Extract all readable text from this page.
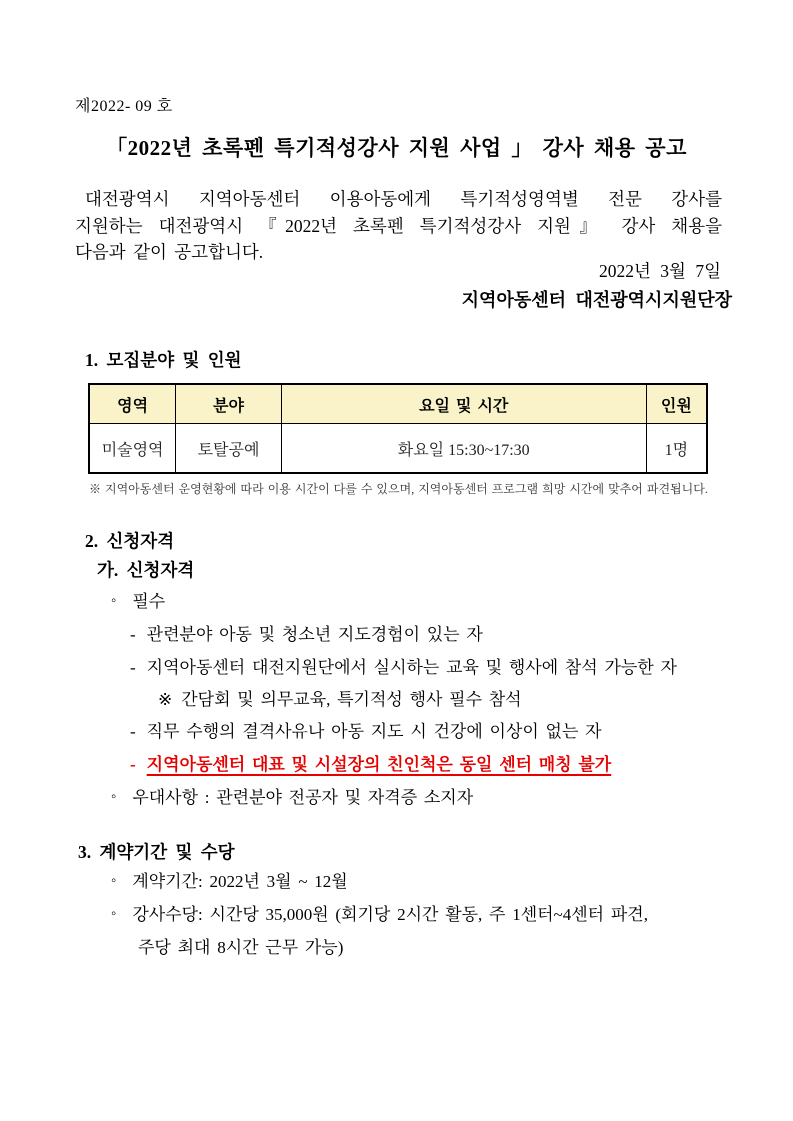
제2022- 09 호
「2022년 초록펜 특기적성강사 지원 사업 」 강사 채용 공고
대전광역시 지역아동센터 이용아동에게 특기적성영역별 전문 강사를
지원하는 대전광역시 『2022년 초록펜 특기적성강사 지원』 강사 채용을
다음과 같이 공고합니다.
2022년 3월 7일
지역아동센터 대전광역시지원단장
1. 모집분야 및 인원
영역	분야	요일 및 시간	인원
미술영역	토탈공예	화요일 15:30~17:30	1명
※ 지역아동센터 운영현황에 따라 이용 시간이 다를 수 있으며, 지역아동센터 프로그램 희망 시간에 맞추어 파견됩니다.
2. 신청자격
가. 신청자격
◦ 필수
- 관련분야 아동 및 청소년 지도경험이 있는 자
- 지역아동센터 대전지원단에서 실시하는 교육 및 행사에 참석 가능한 자
※ 간담회 및 의무교육, 특기적성 행사 필수 참석
- 직무 수행의 결격사유나 아동 지도 시 건강에 이상이 없는 자
- 지역아동센터 대표 및 시설장의 친인척은 동일 센터 매칭 불가
◦ 우대사항 : 관련분야 전공자 및 자격증 소지자
3. 계약기간 및 수당
◦ 계약기간: 2022년 3월 ~ 12월
◦ 강사수당: 시간당 35,000원 (회기당 2시간 활동, 주 1센터~4센터 파견,
주당 최대 8시간 근무 가능)
